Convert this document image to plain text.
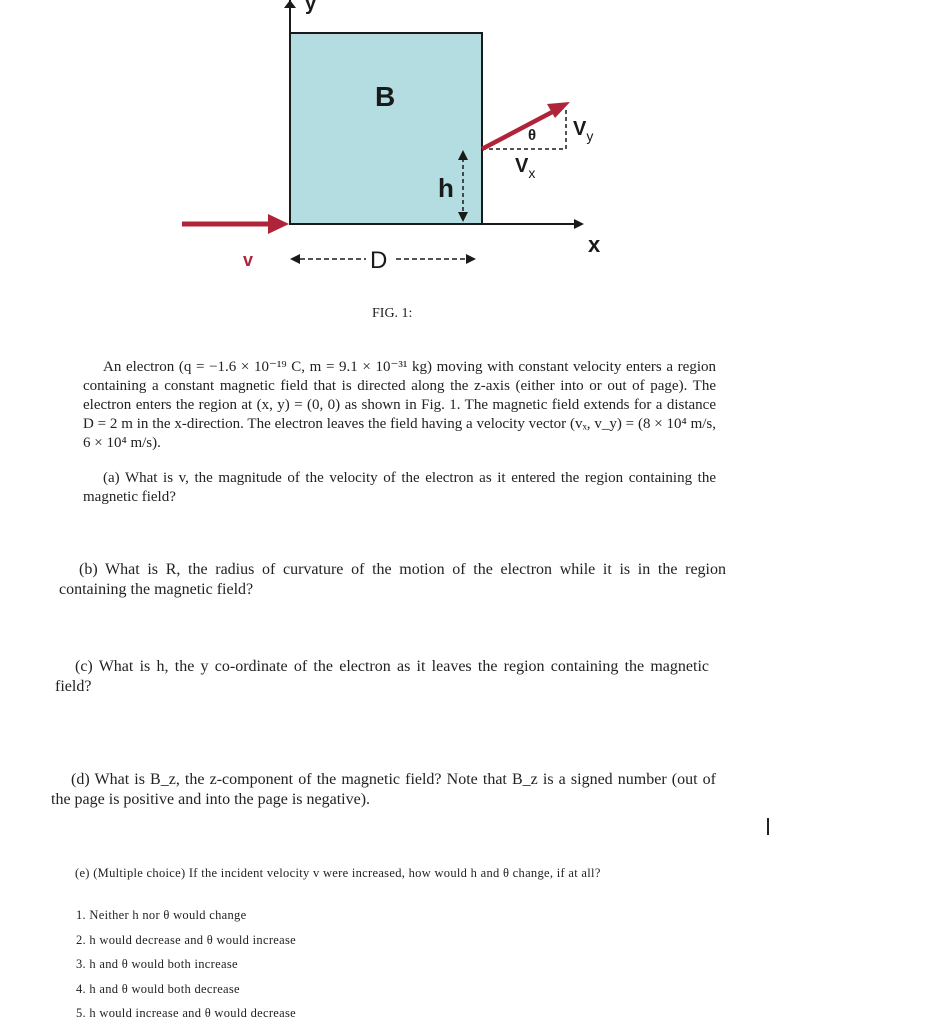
y
x
B
h
θ $V_y$
$V_x$
v	D
FIG. 1:

An electron (q = −1.6 × 10⁻¹⁹ C, m = 9.1 × 10⁻³¹ kg) moving with constant velocity enters a region containing a constant magnetic field that is directed along the z-axis (either into or out of page). The electron enters the region at (x, y) = (0, 0) as shown in Fig. 1. The magnetic field extends for a distance D = 2 m in the x-direction. The electron leaves the field having a velocity vector (vₓ, v_y) = (8 × 10⁴ m/s, 6 × 10⁴ m/s).

(a) What is v, the magnitude of the velocity of the electron as it entered the region containing the magnetic field?

(b) What is R, the radius of curvature of the motion of the electron while it is in the region containing the magnetic field?

(c) What is h, the y co-ordinate of the electron as it leaves the region containing the magnetic field?

(d) What is B_z, the z-component of the magnetic field? Note that B_z is a signed number (out of the page is positive and into the page is negative).

(e) (Multiple choice) If the incident velocity v were increased, how would h and θ change, if at all?

1. Neither h nor θ would change
2. h would decrease and θ would increase
3. h and θ would both increase
4. h and θ would both decrease
5. h would increase and θ would decrease
